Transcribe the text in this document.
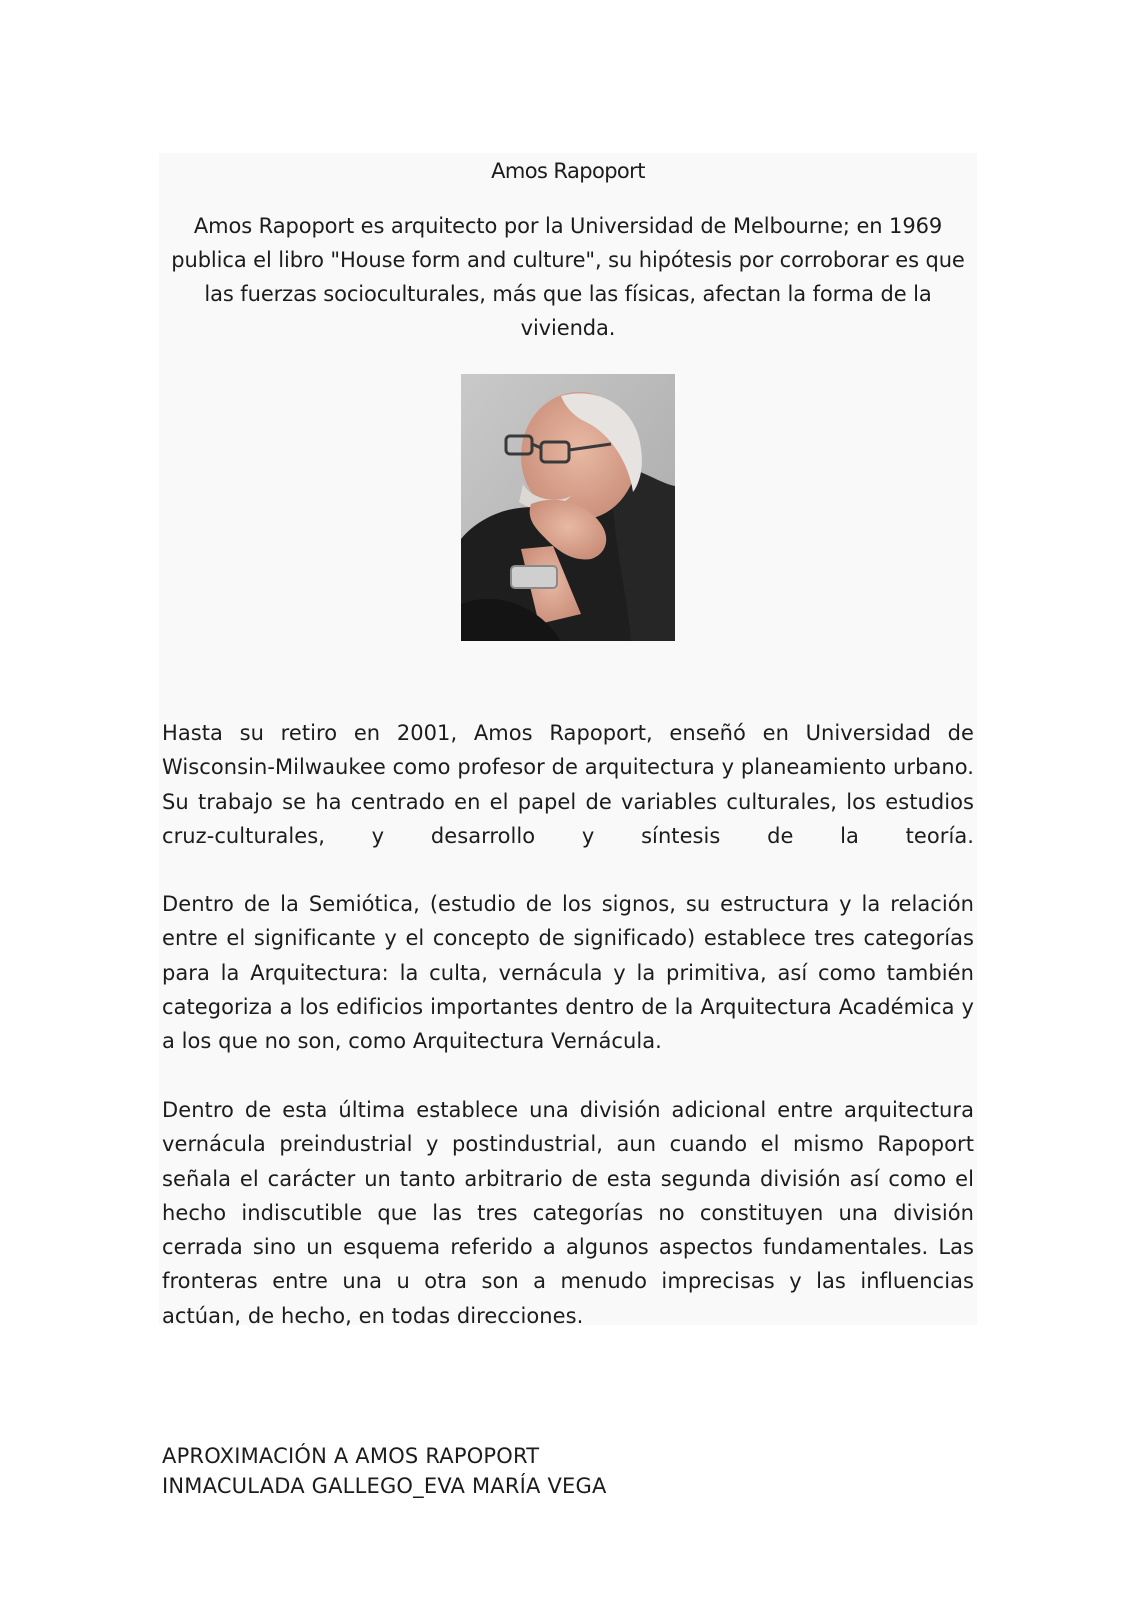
Amos Rapoport

Amos Rapoport es arquitecto por la Universidad de Melbourne; en 1969 publica el libro "House form and culture", su hipótesis por corroborar es que las fuerzas socioculturales, más que las físicas, afectan la forma de la vivienda.

Hasta su retiro en 2001, Amos Rapoport, enseñó en Universidad de Wisconsin-Milwaukee como profesor de arquitectura y planeamiento urbano. Su trabajo se ha centrado en el papel de variables culturales, los estudios cruz-culturales, y desarrollo y síntesis de la teoría.

Dentro de la Semiótica, (estudio de los signos, su estructura y la relación entre el significante y el concepto de significado) establece tres categorías para la Arquitectura: la culta, vernácula y la primitiva, así como también categoriza a los edificios importantes dentro de la Arquitectura Académica y a los que no son, como Arquitectura Vernácula.

Dentro de esta última establece una división adicional entre arquitectura vernácula preindustrial y postindustrial, aun cuando el mismo Rapoport señala el carácter un tanto arbitrario de esta segunda división así como el hecho indiscutible que las tres categorías no constituyen una división cerrada sino un esquema referido a algunos aspectos fundamentales. Las fronteras entre una u otra son a menudo imprecisas y las influencias actúan, de hecho, en todas direcciones.

APROXIMACIÓN A AMOS RAPOPORT
INMACULADA GALLEGO_EVA MARÍA VEGA
